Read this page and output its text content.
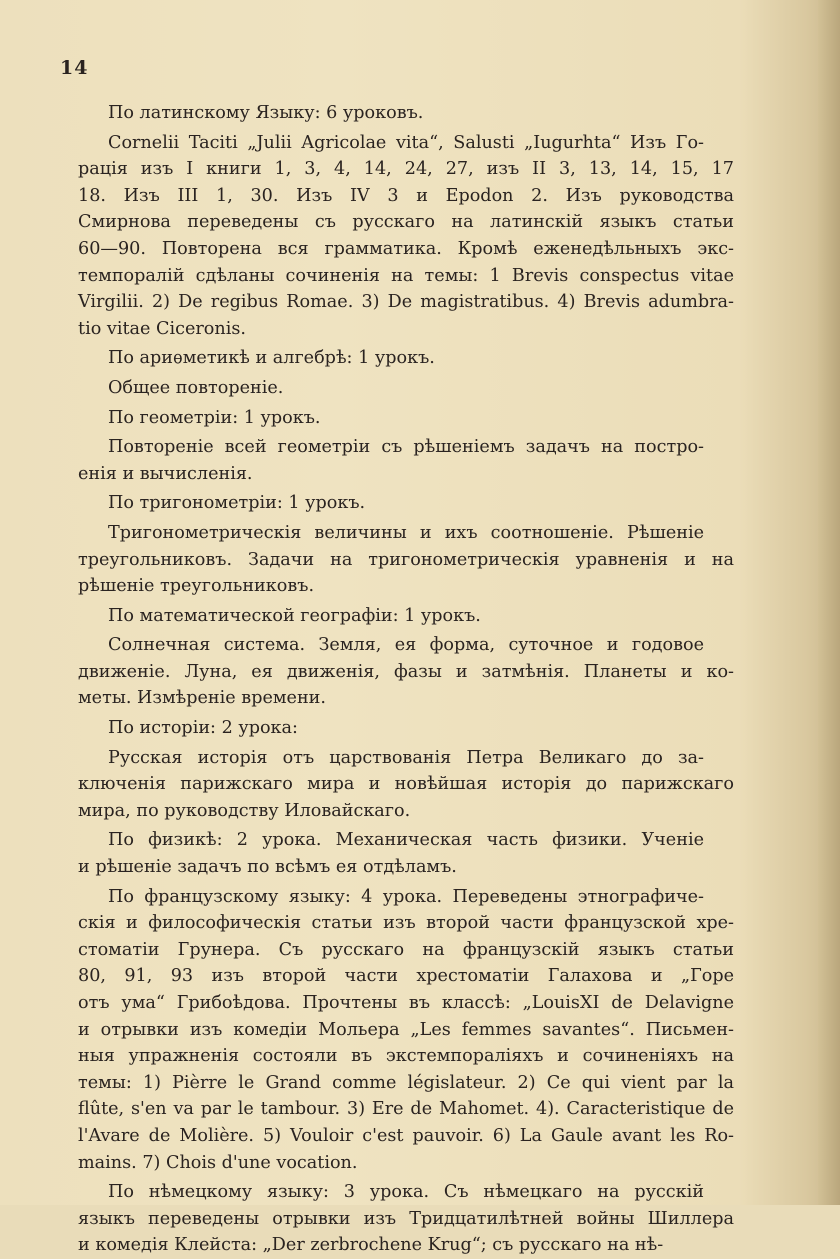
14
По латинскому Языку: 6 уроковъ.
Cornelii Taciti „Julii Agricolae vita“, Salusti „Iugurhta“ Изъ Го-
рація изъ I книги 1, 3, 4, 14, 24, 27, изъ II 3, 13, 14, 15, 17
18. Изъ III 1, 30. Изъ IV 3 и Epodon 2. Изъ руководства
Смирнова переведены съ русскаго на латинскій языкъ статьи
60—90. Повторена вся грамматика. Кромѣ еженедѣльныхъ экс-
темпоралій сдѣланы сочиненія на темы: 1 Brevis conspectus vitae
Virgilii. 2) De regibus Romae. 3) De magistratibus. 4) Brevis adumbra-
tio vitae Ciceronis.
По ариѳметикѣ и алгебрѣ: 1 урокъ.
Общее повтореніе.
По геометріи: 1 урокъ.
Повтореніе всей геометріи съ рѣшеніемъ задачъ на постро-
енія и вычисленія.
По тригонометріи: 1 урокъ.
Тригонометрическія величины и ихъ соотношеніе. Рѣшеніе
треугольниковъ. Задачи на тригонометрическія уравненія и на
рѣшеніе треугольниковъ.
По математической географіи: 1 урокъ.
Солнечная система. Земля, ея форма, суточное и годовое
движеніе. Луна, ея движенія, фазы и затмѣнія. Планеты и ко-
меты. Измѣреніе времени.
По исторіи: 2 урока:
Русская исторія отъ царствованія Петра Великаго до за-
ключенія парижскаго мира и новѣйшая исторія до парижскаго
мира, по руководству Иловайскаго.
По физикѣ: 2 урока. Механическая часть физики. Ученіе
и рѣшеніе задачъ по всѣмъ ея отдѣламъ.
По французскому языку: 4 урока. Переведены этнографиче-
скія и философическія статьи изъ второй части французской хре-
стоматіи Грунера. Съ русскаго на французскій языкъ статьи
80, 91, 93 изъ второй части хрестоматіи Галахова и „Горе
отъ ума“ Грибоѣдова. Прочтены въ классѣ: „LouisXI de Delavigne
и отрывки изъ комедіи Мольера „Les femmes savantes“. Письмен-
ныя упражненія состояли въ экстемпораліяхъ и сочиненіяхъ на
темы: 1) Pièrre le Grand comme législateur. 2) Ce qui vient par la
flûte, s'en va par le tambour. 3) Ere de Mahomet. 4). Caracteristique de
l'Avare de Molière. 5) Vouloir c'est pauvoir. 6) La Gaule avant les Ro-
mains. 7) Chois d'une vocation.
По нѣмецкому языку: 3 урока. Съ нѣмецкаго на русскій
языкъ переведены отрывки изъ Тридцатилѣтней войны Шиллера
и комедія Клейста: „Der zerbrochene Krug“; съ русскаго на нѣ-
